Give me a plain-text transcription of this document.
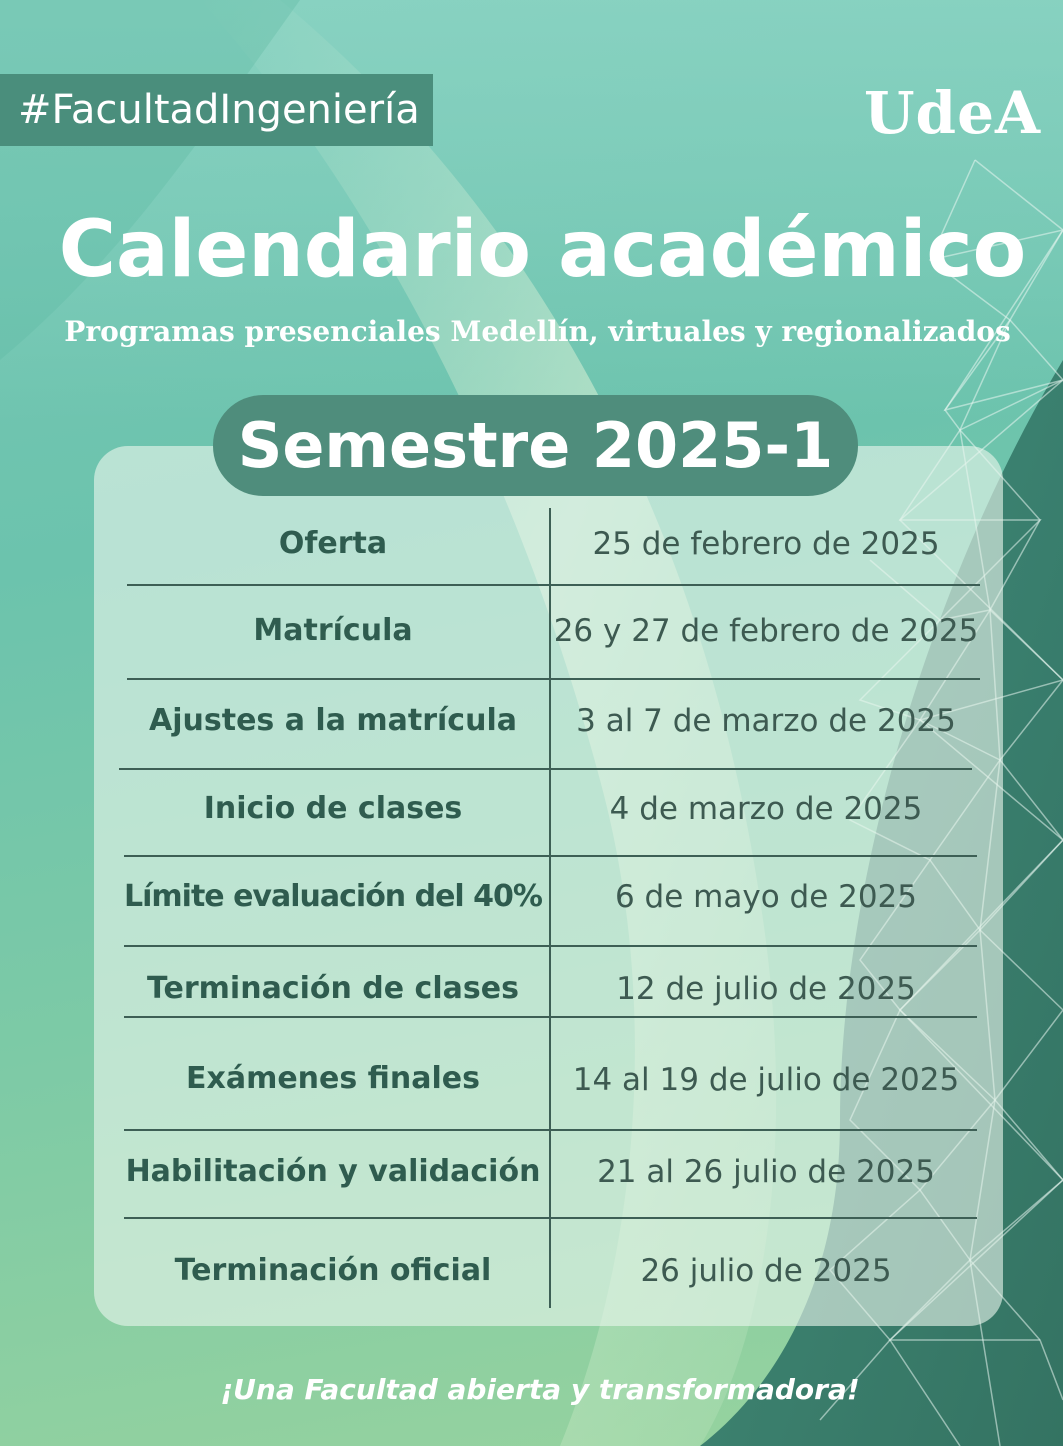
#FacultadIngeniería	UdeA
Calendario académico
Programas presenciales Medellín, virtuales y regionalizados
Semestre 2025-1
Oferta	25 de febrero de 2025
Matrícula	26 y 27 de febrero de 2025
Ajustes a la matrícula	3 al 7 de marzo de 2025
Inicio de clases	4 de marzo de 2025
Límite evaluación del 40%	6 de mayo de 2025
Terminación de clases	12 de julio de 2025
Exámenes finales	14 al 19 de julio de 2025
Habilitación y validación	21 al 26 julio de 2025
Terminación oficial	26 julio de 2025
¡Una Facultad abierta y transformadora!
